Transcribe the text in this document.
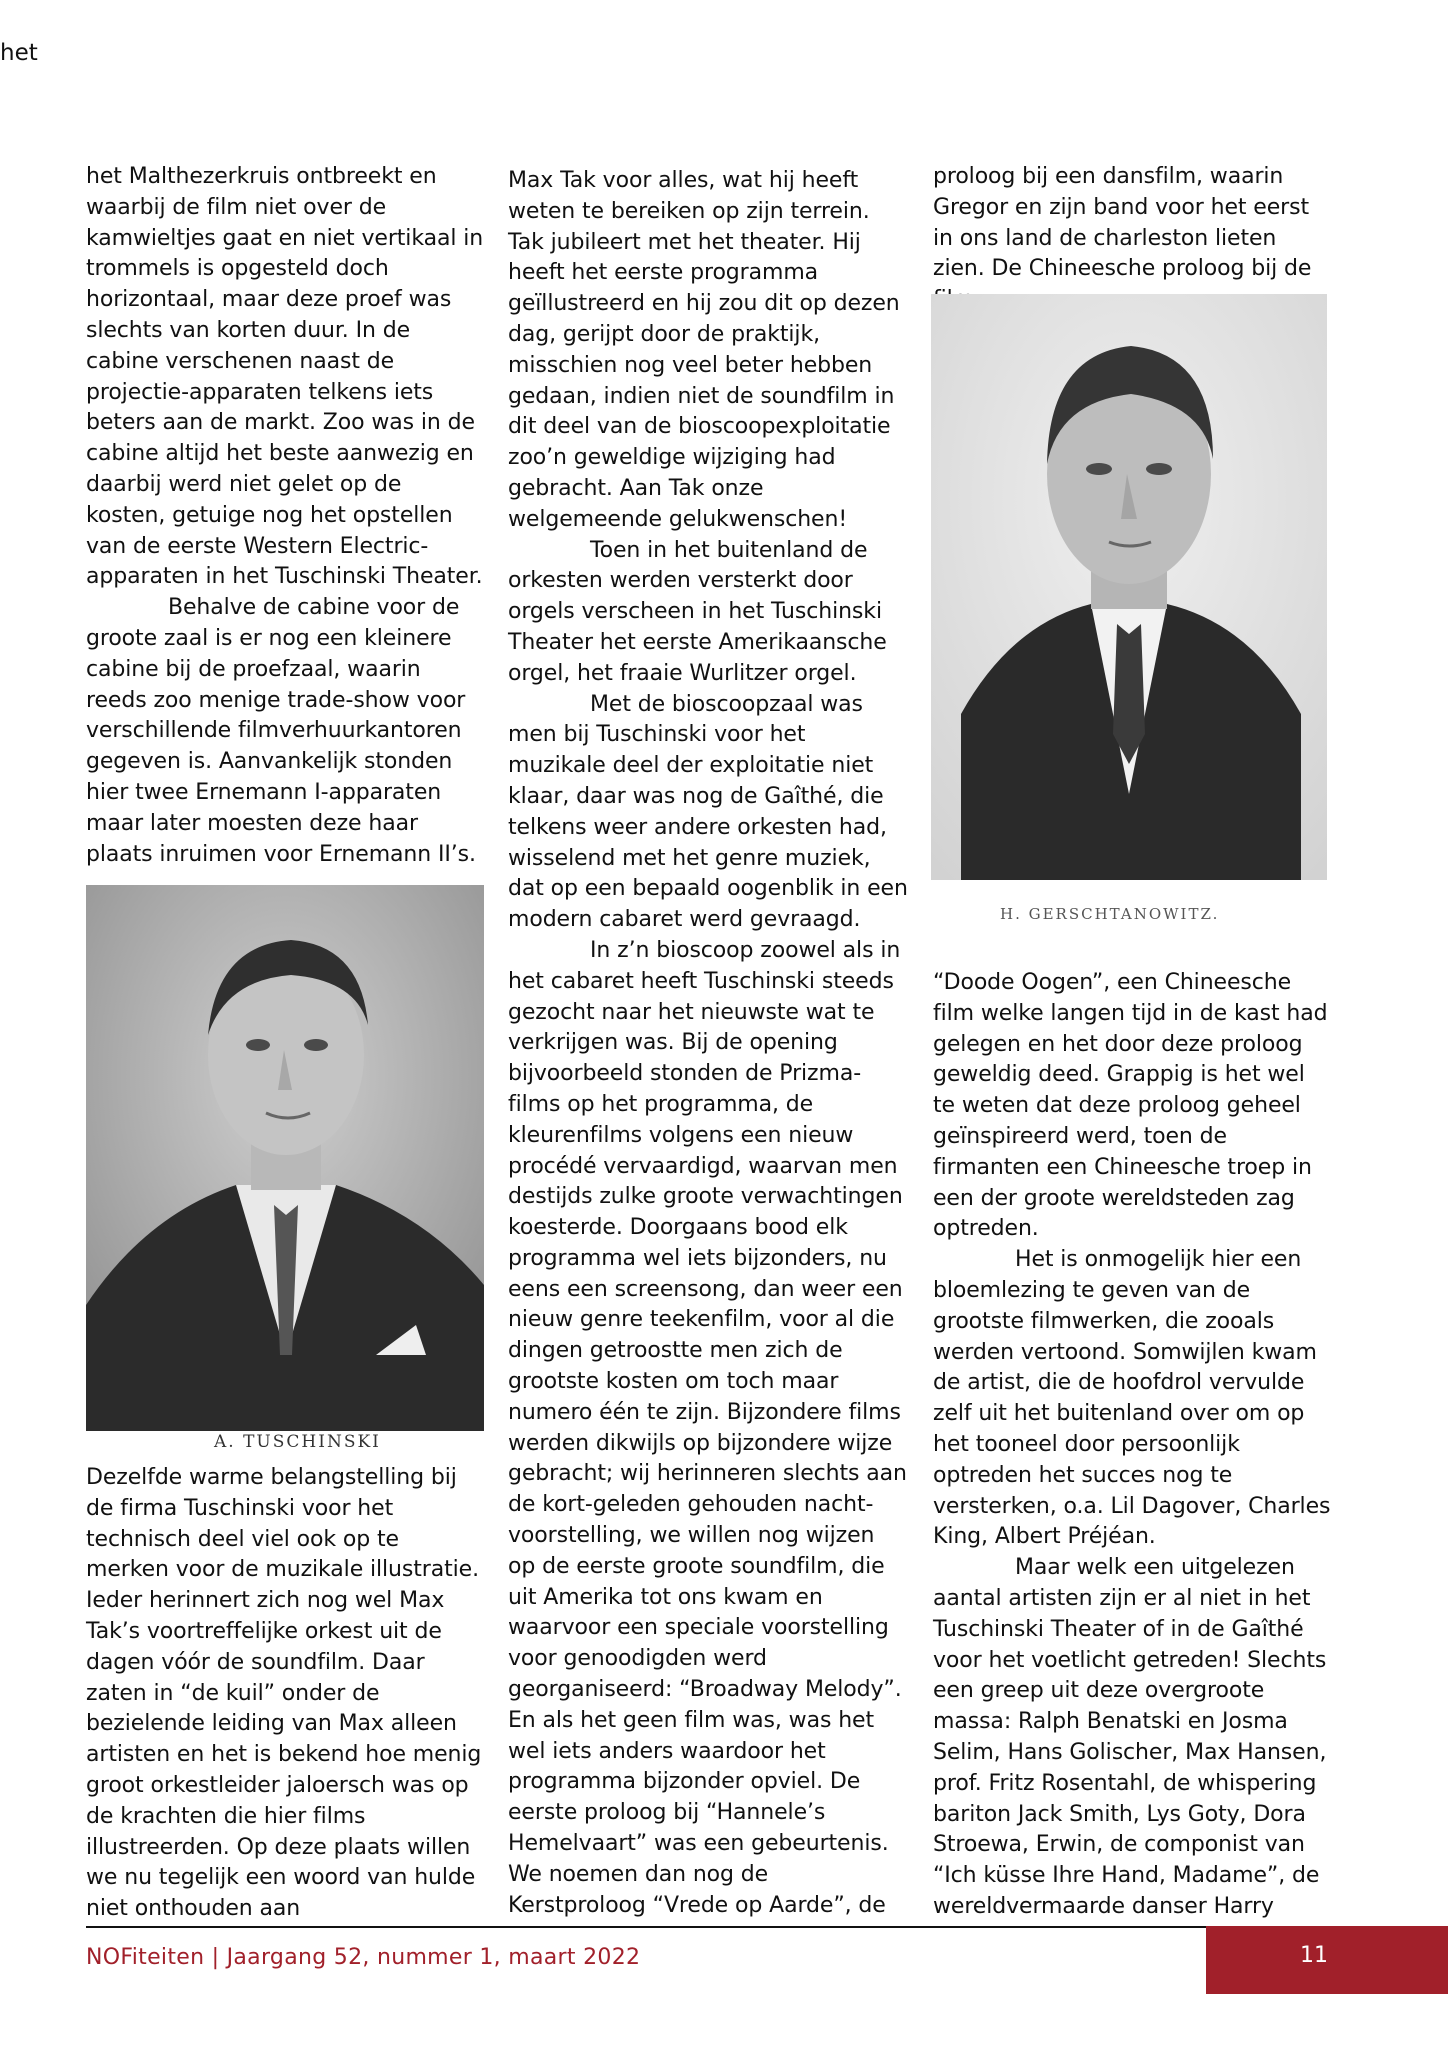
het

het Malthezerkruis ontbreekt en waarbij de film niet over de kamwieltjes gaat en niet vertikaal in trommels is opgesteld doch horizontaal, maar deze proef was slechts van korten duur. In de cabine verschenen naast de projectie-apparaten telkens iets beters aan de markt. Zoo was in de cabine altijd het beste aanwezig en daarbij werd niet gelet op de kosten, getuige nog het opstellen van de eerste Western Electric-apparaten in het Tuschinski Theater.

Behalve de cabine voor de groote zaal is er nog een kleinere cabine bij de proefzaal, waarin reeds zoo menige trade-show voor verschillende filmverhuurkantoren gegeven is. Aanvankelijk stonden hier twee Ernemann I-apparaten maar later moesten deze haar plaats inruimen voor Ernemann II’s.

A. TUSCHINSKI

Dezelfde warme belangstelling bij de firma Tuschinski voor het technisch deel viel ook op te merken voor de muzikale illustratie. Ieder herinnert zich nog wel Max Tak’s voortreffelijke orkest uit de dagen vóór de soundfilm. Daar zaten in “de kuil” onder de bezielende leiding van Max alleen artisten en het is bekend hoe menig groot orkestleider jaloersch was op de krachten die hier films illustreerden. Op deze plaats willen we nu tegelijk een woord van hulde niet onthouden aan

Max Tak voor alles, wat hij heeft weten te bereiken op zijn terrein. Tak jubileert met het theater. Hij heeft het eerste programma geïllustreerd en hij zou dit op dezen dag, gerijpt door de praktijk, misschien nog veel beter hebben gedaan, indien niet de soundfilm in dit deel van de bioscoopexploitatie zoo’n geweldige wijziging had gebracht. Aan Tak onze welgemeende gelukwenschen!

Toen in het buitenland de orkesten werden versterkt door orgels verscheen in het Tuschinski Theater het eerste Amerikaansche orgel, het fraaie Wurlitzer orgel.

Met de bioscoopzaal was men bij Tuschinski voor het muzikale deel der exploitatie niet klaar, daar was nog de Gaîthé, die telkens weer andere orkesten had, wisselend met het genre muziek, dat op een bepaald oogenblik in een modern cabaret werd gevraagd.

In z’n bioscoop zoowel als in het cabaret heeft Tuschinski steeds gezocht naar het nieuwste wat te verkrijgen was. Bij de opening bijvoorbeeld stonden de Prizma-films op het programma, de kleurenfilms volgens een nieuw procédé vervaardigd, waarvan men destijds zulke groote verwachtingen koesterde. Doorgaans bood elk programma wel iets bijzonders, nu eens een screensong, dan weer een nieuw genre teekenfilm, voor al die dingen getroostte men zich de grootste kosten om toch maar numero één te zijn. Bijzondere films werden dikwijls op bijzondere wijze gebracht; wij herinneren slechts aan de kort-geleden gehouden nacht-voorstelling, we willen nog wijzen op de eerste groote soundfilm, die uit Amerika tot ons kwam en waarvoor een speciale voorstelling voor genoodigden werd georganiseerd: “Broadway Melody”. En als het geen film was, was het wel iets anders waardoor het programma bijzonder opviel. De eerste proloog bij “Hannele’s Hemelvaart” was een gebeurtenis. We noemen dan nog de Kerstproloog “Vrede op Aarde”, de

proloog bij een dansfilm, waarin Gregor en zijn band voor het eerst in ons land de charleston lieten zien. De Chineesche proloog bij de

H. GERSCHTANOWITZ.

“Doode Oogen”, een Chineesche film welke langen tijd in de kast had gelegen en het door deze proloog geweldig deed. Grappig is het wel te weten dat deze proloog geheel geïnspireerd werd, toen de firmanten een Chineesche troep in een der groote wereldsteden zag optreden.

Het is onmogelijk hier een bloemlezing te geven van de grootste filmwerken, die zooals werden vertoond. Somwijlen kwam de artist, die de hoofdrol vervulde zelf uit het buitenland over om op het tooneel door persoonlijk optreden het succes nog te versterken, o.a. Lil Dagover, Charles King, Albert Préjéan.

Maar welk een uitgelezen aantal artisten zijn er al niet in het Tuschinski Theater of in de Gaîthé voor het voetlicht getreden! Slechts een greep uit deze overgroote massa: Ralph Benatski en Josma Selim, Hans Golischer, Max Hansen, prof. Fritz Rosentahl, de whispering bariton Jack Smith, Lys Goty, Dora Stroewa, Erwin, de componist van “Ich küsse Ihre Hand, Madame”, de wereldvermaarde danser Harry

NOFiteiten | Jaargang 52, nummer 1, maart 2022	11
